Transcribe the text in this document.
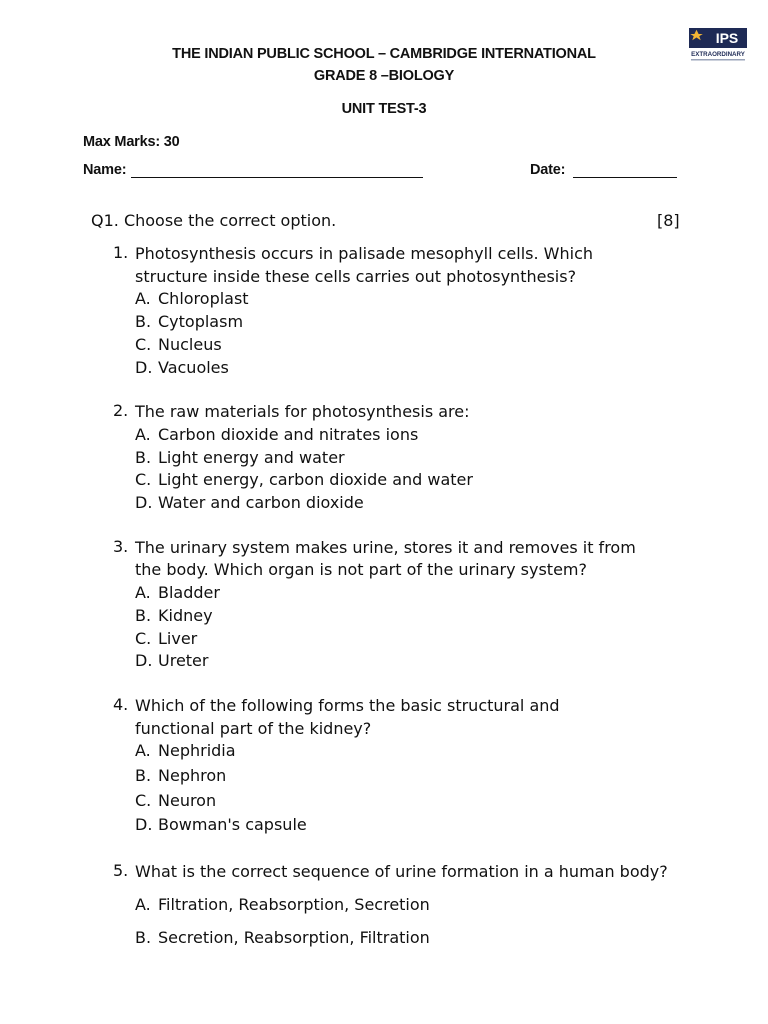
THE INDIAN PUBLIC SCHOOL – CAMBRIDGE INTERNATIONAL
GRADE 8 –BIOLOGY
UNIT TEST-3
IPS
EXTRAORDINARY
Max Marks: 30
Name:	Date:
Q1. Choose the correct option.	[8]
1. Photosynthesis occurs in palisade mesophyll cells. Which structure inside these cells carries out photosynthesis?
A. Chloroplast
B. Cytoplasm
C. Nucleus
D. Vacuoles
2. The raw materials for photosynthesis are:
A. Carbon dioxide and nitrates ions
B. Light energy and water
C. Light energy, carbon dioxide and water
D. Water and carbon dioxide
3. The urinary system makes urine, stores it and removes it from the body. Which organ is not part of the urinary system?
A. Bladder
B. Kidney
C. Liver
D. Ureter
4. Which of the following forms the basic structural and functional part of the kidney?
A. Nephridia
B. Nephron
C. Neuron
D. Bowman's capsule
5. What is the correct sequence of urine formation in a human body?
A. Filtration, Reabsorption, Secretion
B. Secretion, Reabsorption, Filtration
